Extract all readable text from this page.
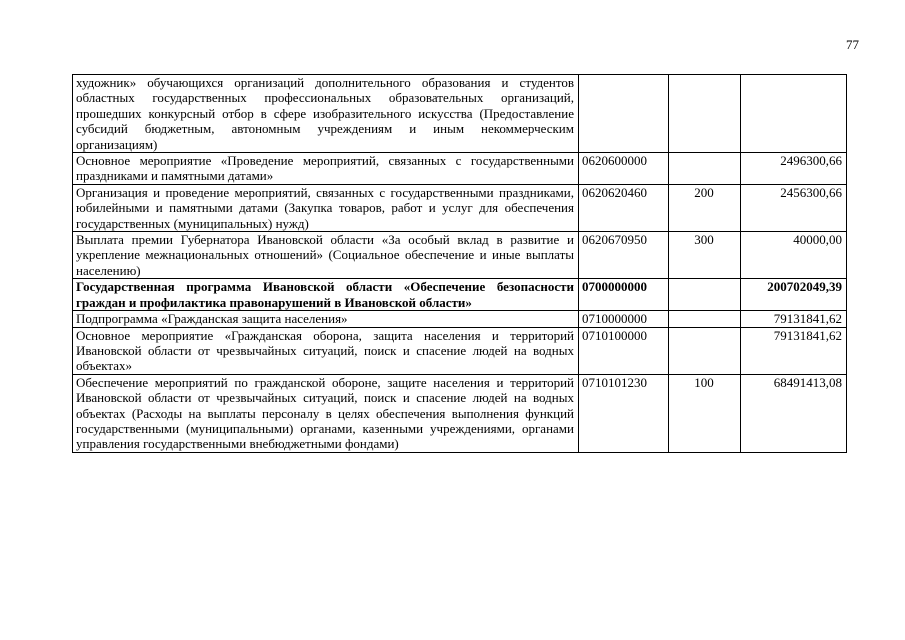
77
художник» обучающихся организаций дополнительного образования и студентов областных государственных профессиональных образовательных организаций, прошедших конкурсный отбор в сфере изобразительного искусства (Предоставление субсидий бюджетным, автономным учреждениям и иным некоммерческим организациям)			
Основное мероприятие «Проведение мероприятий, связанных с государственными праздниками и памятными датами»	0620600000		2496300,66
Организация и проведение мероприятий, связанных с государственными праздниками, юбилейными и памятными датами (Закупка товаров, работ и услуг для обеспечения государственных (муниципальных) нужд)	0620620460	200	2456300,66
Выплата премии Губернатора Ивановской области «За особый вклад в развитие и укрепление межнациональных отношений» (Социальное обеспечение и иные выплаты населению)	0620670950	300	40000,00
Государственная программа Ивановской области «Обеспечение безопасности граждан и профилактика правонарушений в Ивановской области»	0700000000		200702049,39
Подпрограмма «Гражданская защита населения»	0710000000		79131841,62
Основное мероприятие «Гражданская оборона, защита населения и территорий Ивановской области от чрезвычайных ситуаций, поиск и спасение людей на водных объектах»	0710100000		79131841,62
Обеспечение мероприятий по гражданской обороне, защите населения и территорий Ивановской области от чрезвычайных ситуаций, поиск и спасение людей на водных объектах (Расходы на выплаты персоналу в целях обеспечения выполнения функций государственными (муниципальными) органами, казенными учреждениями, органами управления государственными внебюджетными фондами)	0710101230	100	68491413,08
